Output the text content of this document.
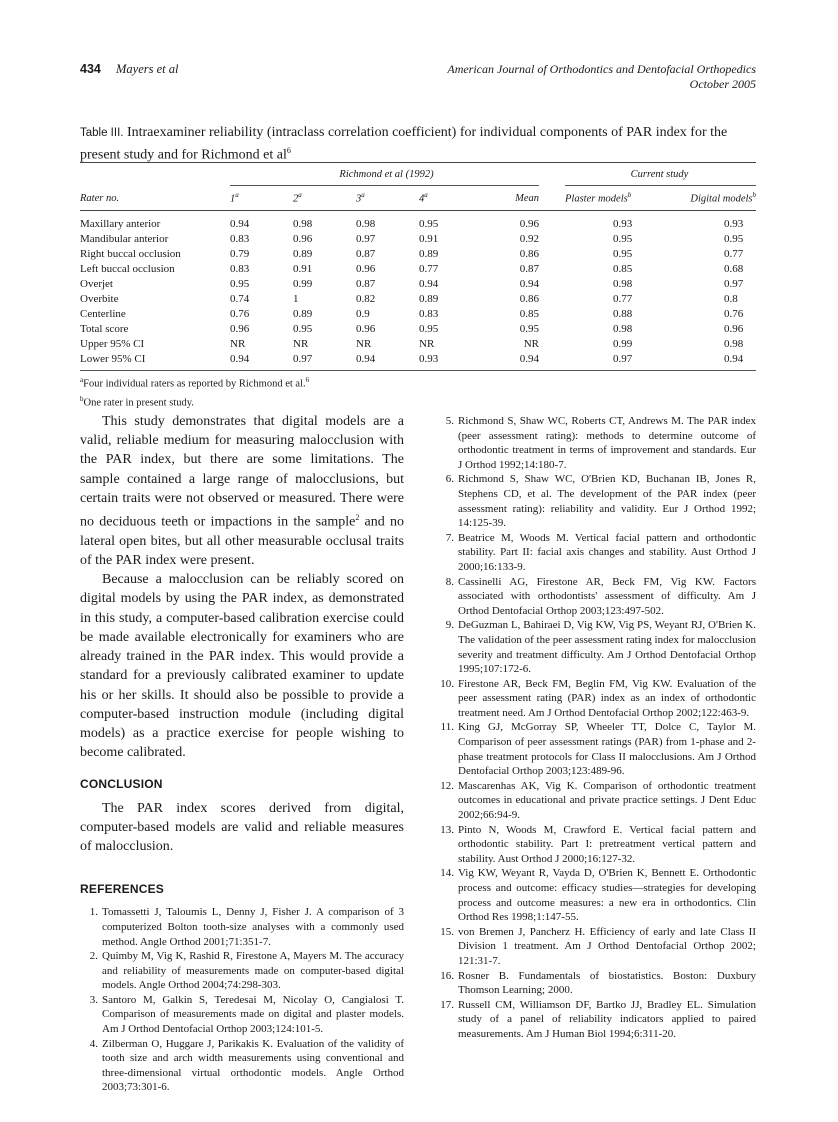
434 Mayers et al	American Journal of Orthodontics and Dentofacial Orthopedics
October 2005
Table III. Intraexaminer reliability (intraclass correlation coefficient) for individual components of PAR index for the present study and for Richmond et $al^6$

	Richmond et al (1992)					Current study	

Rater no.	1$^a$	2$^a$	3$^a$	4$^a$	Mean	Plaster models$^b$	Digital models$^b$
Maxillary anterior	0.94	0.98	0.98	0.95	0.96	0.93	0.93
Mandibular anterior	0.83	0.96	0.97	0.91	0.92	0.95	0.95
Right buccal occlusion	0.79	0.89	0.87	0.89	0.86	0.95	0.77
Left buccal occlusion	0.83	0.91	0.96	0.77	0.87	0.85	0.68
Overjet	0.95	0.99	0.87	0.94	0.94	0.98	0.97
Overbite	0.74	1	0.82	0.89	0.86	0.77	0.8
Centerline	0.76	0.89	0.9	0.83	0.85	0.88	0.76
Total score	0.96	0.95	0.96	0.95	0.95	0.98	0.96
Upper 95% CI	NR	NR	NR	NR	NR	0.99	0.98
Lower 95% CI	0.94	0.97	0.94	0.93	0.94	0.97	0.94
$^a$Four individual raters as reported by Richmond et al.$^6$
$^b$One rater in present study.

This study demonstrates that digital models are a valid, reliable medium for measuring malocclusion with the PAR index, but there are some limitations. The sample contained a large range of malocclusions, but certain traits were not observed or measured. There were no deciduous teeth or impactions in the sample$^2$ and no lateral open bites, but all other measurable occlusal traits of the PAR index were present.

Because a malocclusion can be reliably scored on digital models by using the PAR index, as demonstrated in this study, a computer-based calibration exercise could be made available electronically for examiners who are already trained in the PAR index. This would provide a standard for a previously calibrated examiner to update his or her skills. It should also be possible to provide a computer-based instruction module (including digital models) as a practice exercise for people wishing to become calibrated.

CONCLUSION

The PAR index scores derived from digital, computer-based models are valid and reliable measures of malocclusion.

REFERENCES
1. Tomassetti J, Taloumis L, Denny J, Fisher J. A comparison of 3 computerized Bolton tooth-size analyses with a commonly used method. Angle Orthod 2001;71:351-7.
2. Quimby M, Vig K, Rashid R, Firestone A, Mayers M. The accuracy and reliability of measurements made on computer-based digital models. Angle Orthod 2004;74:298-303.
3. Santoro M, Galkin S, Teredesai M, Nicolay O, Cangialosi T. Comparison of measurements made on digital and plaster models. Am J Orthod Dentofacial Orthop 2003;124:101-5.
4. Zilberman O, Huggare J, Parikakis K. Evaluation of the validity of tooth size and arch width measurements using conventional and three-dimensional virtual orthodontic models. Angle Orthod 2003;73:301-6.
5. Richmond S, Shaw WC, Roberts CT, Andrews M. The PAR index (peer assessment rating): methods to determine outcome of orthodontic treatment in terms of improvement and standards. Eur J Orthod 1992;14:180-7.
6. Richmond S, Shaw WC, O'Brien KD, Buchanan IB, Jones R, Stephens CD, et al. The development of the PAR index (peer assessment rating): reliability and validity. Eur J Orthod 1992; 14:125-39.
7. Beatrice M, Woods M. Vertical facial pattern and orthodontic stability. Part II: facial axis changes and stability. Aust Orthod J 2000;16:133-9.
8. Cassinelli AG, Firestone AR, Beck FM, Vig KW. Factors associated with orthodontists' assessment of difficulty. Am J Orthod Dentofacial Orthop 2003;123:497-502.
9. DeGuzman L, Bahiraei D, Vig KW, Vig PS, Weyant RJ, O'Brien K. The validation of the peer assessment rating index for malocclusion severity and treatment difficulty. Am J Orthod Dentofacial Orthop 1995;107:172-6.
10. Firestone AR, Beck FM, Beglin FM, Vig KW. Evaluation of the peer assessment rating (PAR) index as an index of orthodontic treatment need. Am J Orthod Dentofacial Orthop 2002;122:463-9.
11. King GJ, McGorray SP, Wheeler TT, Dolce C, Taylor M. Comparison of peer assessment ratings (PAR) from 1-phase and 2-phase treatment protocols for Class II malocclusions. Am J Orthod Dentofacial Orthop 2003;123:489-96.
12. Mascarenhas AK, Vig K. Comparison of orthodontic treatment outcomes in educational and private practice settings. J Dent Educ 2002;66:94-9.
13. Pinto N, Woods M, Crawford E. Vertical facial pattern and orthodontic stability. Part I: pretreatment vertical pattern and stability. Aust Orthod J 2000;16:127-32.
14. Vig KW, Weyant R, Vayda D, O'Brien K, Bennett E. Orthodontic process and outcome: efficacy studies—strategies for developing process and outcome measures: a new era in orthodontics. Clin Orthod Res 1998;1:147-55.
15. von Bremen J, Pancherz H. Efficiency of early and late Class II Division 1 treatment. Am J Orthod Dentofacial Orthop 2002; 121:31-7.
16. Rosner B. Fundamentals of biostatistics. Boston: Duxbury Thomson Learning; 2000.
17. Russell CM, Williamson DF, Bartko JJ, Bradley EL. Simulation study of a panel of reliability indicators applied to paired measurements. Am J Human Biol 1994;6:311-20.
